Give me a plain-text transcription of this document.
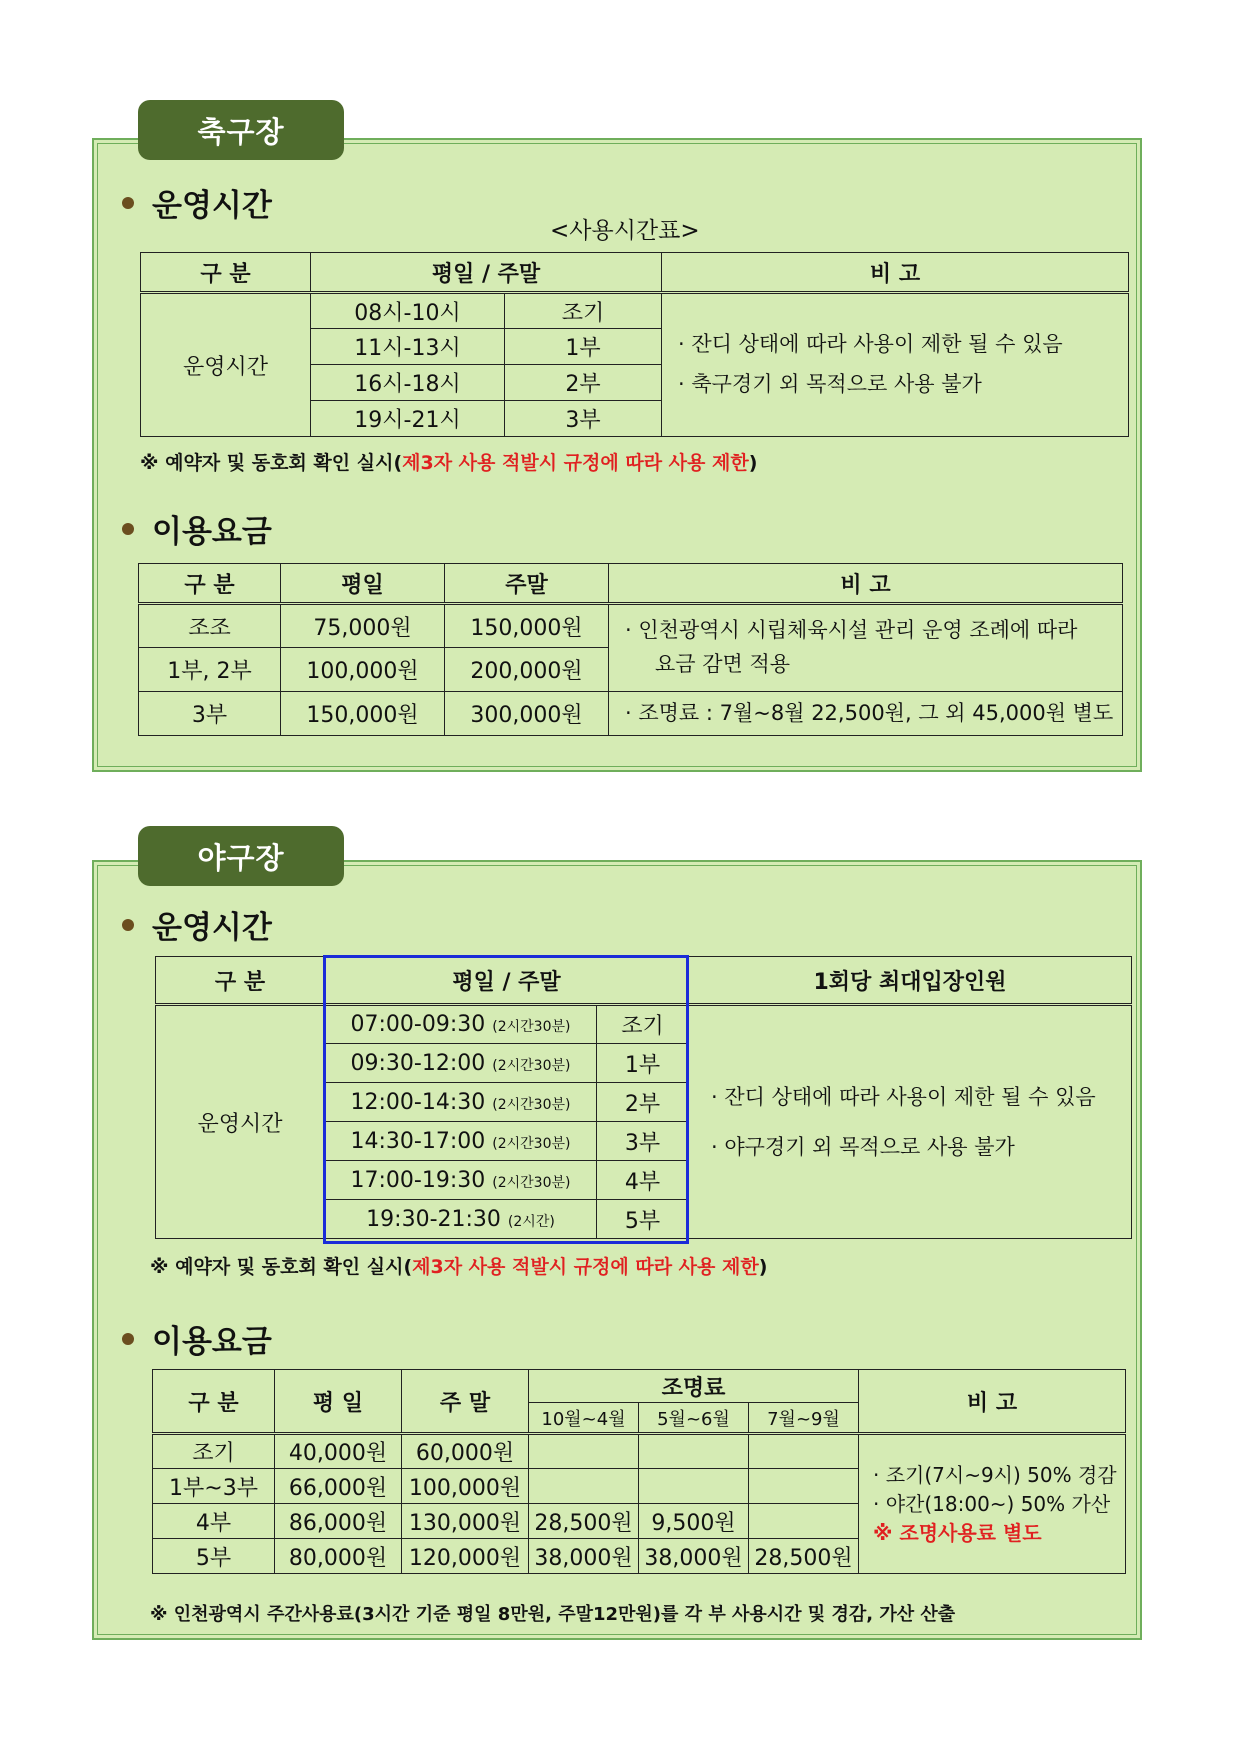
축구장
운영시간
<사용시간표>
구 분	평일 / 주말		비 고
운영시간	08시-10시	조기	· 잔디 상태에 따라 사용이 제한 될 수 있음
· 축구경기 외 목적으로 사용 불가

	11시-13시	1부	
	16시-18시	2부	
	19시-21시	3부	
※ 예약자 및 동호회 확인 실시(제3자 사용 적발시 규정에 따라 사용 제한)
이용요금
구 분	평일	주말	비 고
조조	75,000원	150,000원	· 인천광역시 시립체육시설 관리 운영 조례에 따라
요금 감면 적용

1부, 2부	100,000원	200,000원	
3부	150,000원	300,000원	· 조명료 : 7월~8월 22,500원, 그 외 45,000원 별도
야구장
운영시간
구 분	평일 / 주말		1회당 최대입장인원
운영시간	07:00-09:30 (2시간30분)	조기	· 잔디 상태에 따라 사용이 제한 될 수 있음
· 야구경기 외 목적으로 사용 불가

	09:30-12:00 (2시간30분)	1부	
	12:00-14:30 (2시간30분)	2부	
	14:30-17:00 (2시간30분)	3부	
	17:00-19:30 (2시간30분)	4부	
	19:30-21:30 (2시간)	5부	
※ 예약자 및 동호회 확인 실시(제3자 사용 적발시 규정에 따라 사용 제한)
이용요금
구 분	평 일	주 말	조명료			비 고
			10월~4월	5월~6월	7월~9월	
조기	40,000원	60,000원				· 조기(7시~9시) 50% 경감
· 야간(18:00~) 50% 가산
※ 조명사용료 별도

1부~3부	66,000원	100,000원				
4부	86,000원	130,000원	28,500원	9,500원		
5부	80,000원	120,000원	38,000원	38,000원	28,500원	
※ 인천광역시 주간사용료(3시간 기준 평일 8만원, 주말12만원)를 각 부 사용시간 및 경감, 가산 산출
